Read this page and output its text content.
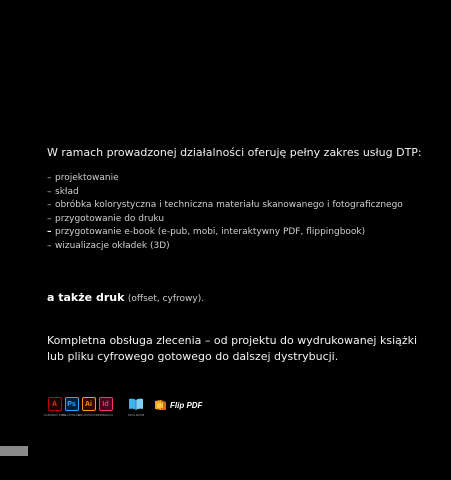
W ramach prowadzonej działalności oferuję pełny zakres usług DTP:

– projektowanie
– skład
– obróbka kolorystyczna i techniczna materiału skanowanego i fotograficznego
– przygotowanie do druku
– przygotowanie e-book (e-pub, mobi, interaktywny PDF, flippingbook)
– wizualizacje okładek (3D)

a także druk (offset, cyfrowy).

Kompletna obsługa zlecenia – od projektu do wydrukowanej książki

lub pliku cyfrowego gotowego do dalszej dystrybucji.

A
ACROBAT PRO
Ps
PHOTOSHOP
Ai
ILLUSTRATOR
Id
INDESIGN	SIGIL EPUB
Flip PDF
